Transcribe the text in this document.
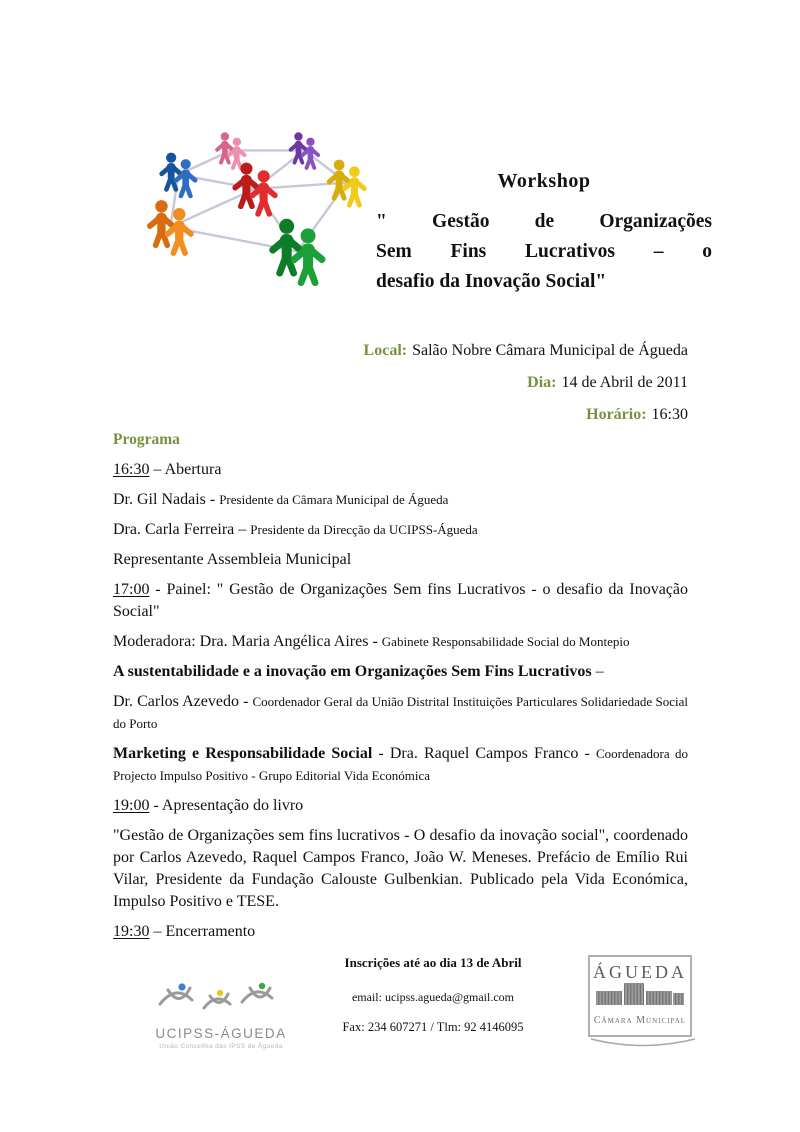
Workshop
" Gestão de Organizações
Sem Fins Lucrativos – o
desafio da Inovação Social"
Local: Salão Nobre Câmara Municipal de Águeda
Dia: 14 de Abril de 2011
Horário: 16:30

Programa

16:30 – Abertura

Dr. Gil Nadais - Presidente da Câmara Municipal de Águeda

Dra. Carla Ferreira – Presidente da Direcção da UCIPSS-Águeda

Representante Assembleia Municipal

17:00 - Painel: " Gestão de Organizações Sem fins Lucrativos - o desafio da Inovação Social"

Moderadora: Dra. Maria Angélica Aires - Gabinete Responsabilidade Social do Montepio

A sustentabilidade e a inovação em Organizações Sem Fins Lucrativos –

Dr. Carlos Azevedo - Coordenador Geral da União Distrital Instituições Particulares Solidariedade Social do Porto

Marketing e Responsabilidade Social - Dra. Raquel Campos Franco - Coordenadora do Projecto Impulso Positivo - Grupo Editorial Vida Económica

19:00 - Apresentação do livro

"Gestão de Organizações sem fins lucrativos - O desafio da inovação social", coordenado por Carlos Azevedo, Raquel Campos Franco, João W. Meneses. Prefácio de Emílio Rui Vilar, Presidente da Fundação Calouste Gulbenkian. Publicado pela Vida Económica, Impulso Positivo e TESE.

19:30 – Encerramento

UCIPSS-ÁGUEDA
União Concelhia das IPSS de Águeda

Inscrições até ao dia 13 de Abril

email: ucipss.agueda@gmail.com

Fax: 234 607271 / Tlm: 92 4146095

ÁGUEDA
Câmara Municipal
